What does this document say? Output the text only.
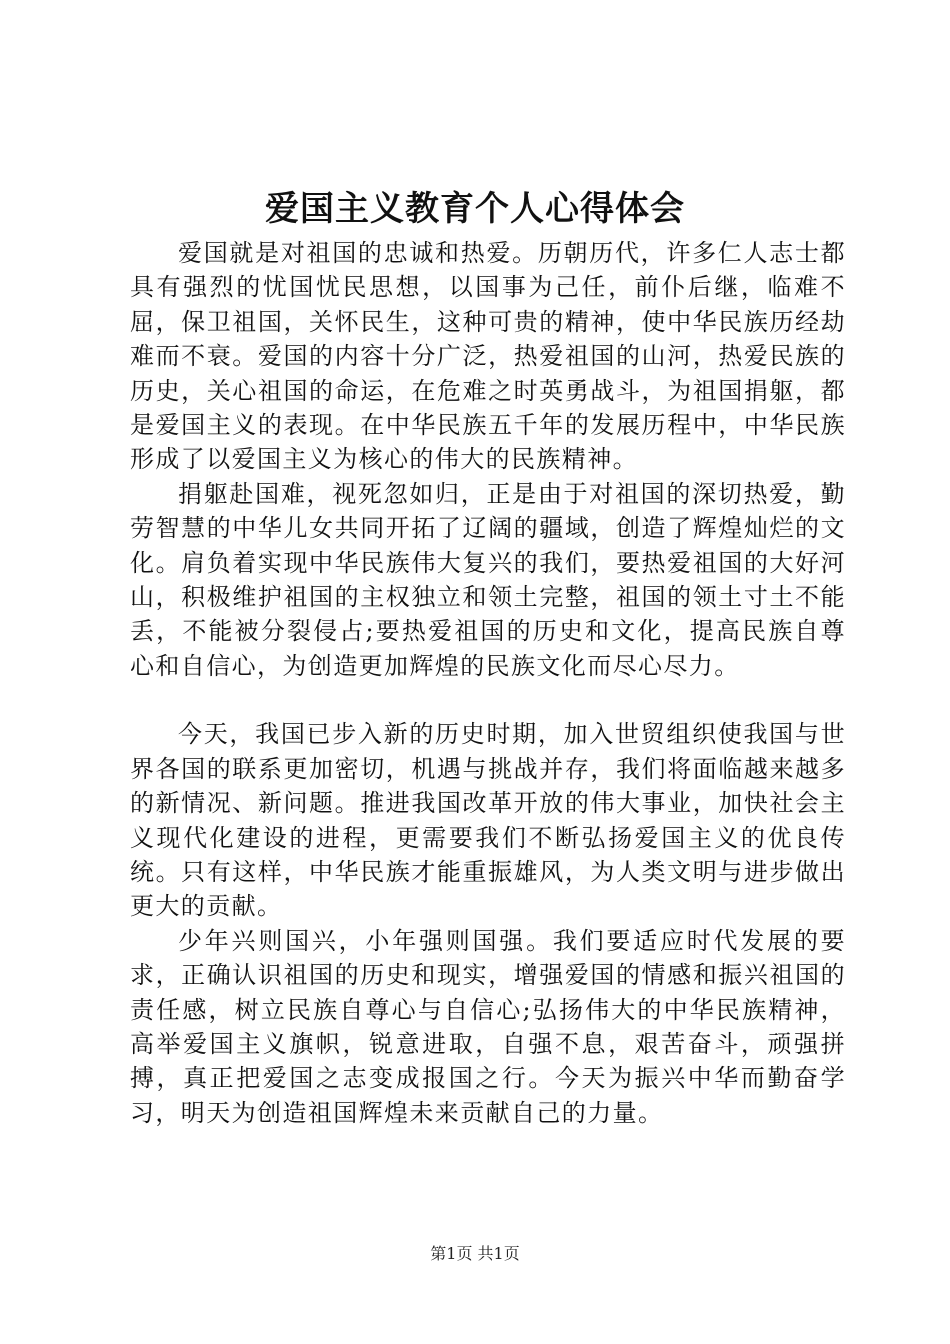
爱国主义教育个人心得体会

爱国就是对祖国的忠诚和热爱。历朝历代，许多仁人志士都具有强烈的忧国忧民思想，以国事为己任，前仆后继，临难不屈，保卫祖国，关怀民生，这种可贵的精神，使中华民族历经劫难而不衰。爱国的内容十分广泛，热爱祖国的山河，热爱民族的历史，关心祖国的命运，在危难之时英勇战斗，为祖国捐躯，都是爱国主义的表现。在中华民族五千年的发展历程中，中华民族形成了以爱国主义为核心的伟大的民族精神。

捐躯赴国难，视死忽如归，正是由于对祖国的深切热爱，勤劳智慧的中华儿女共同开拓了辽阔的疆域，创造了辉煌灿烂的文化。肩负着实现中华民族伟大复兴的我们，要热爱祖国的大好河山，积极维护祖国的主权独立和领土完整，祖国的领土寸土不能丢，不能被分裂侵占;要热爱祖国的历史和文化，提高民族自尊心和自信心，为创造更加辉煌的民族文化而尽心尽力。

今天，我国已步入新的历史时期，加入世贸组织使我国与世界各国的联系更加密切，机遇与挑战并存，我们将面临越来越多的新情况、新问题。推进我国改革开放的伟大事业，加快社会主义现代化建设的进程，更需要我们不断弘扬爱国主义的优良传统。只有这样，中华民族才能重振雄风，为人类文明与进步做出更大的贡献。

少年兴则国兴，小年强则国强。我们要适应时代发展的要求，正确认识祖国的历史和现实，增强爱国的情感和振兴祖国的责任感，树立民族自尊心与自信心;弘扬伟大的中华民族精神，高举爱国主义旗帜，锐意进取，自强不息，艰苦奋斗，顽强拼搏，真正把爱国之志变成报国之行。今天为振兴中华而勤奋学习，明天为创造祖国辉煌未来贡献自己的力量。

第1页 共1页
